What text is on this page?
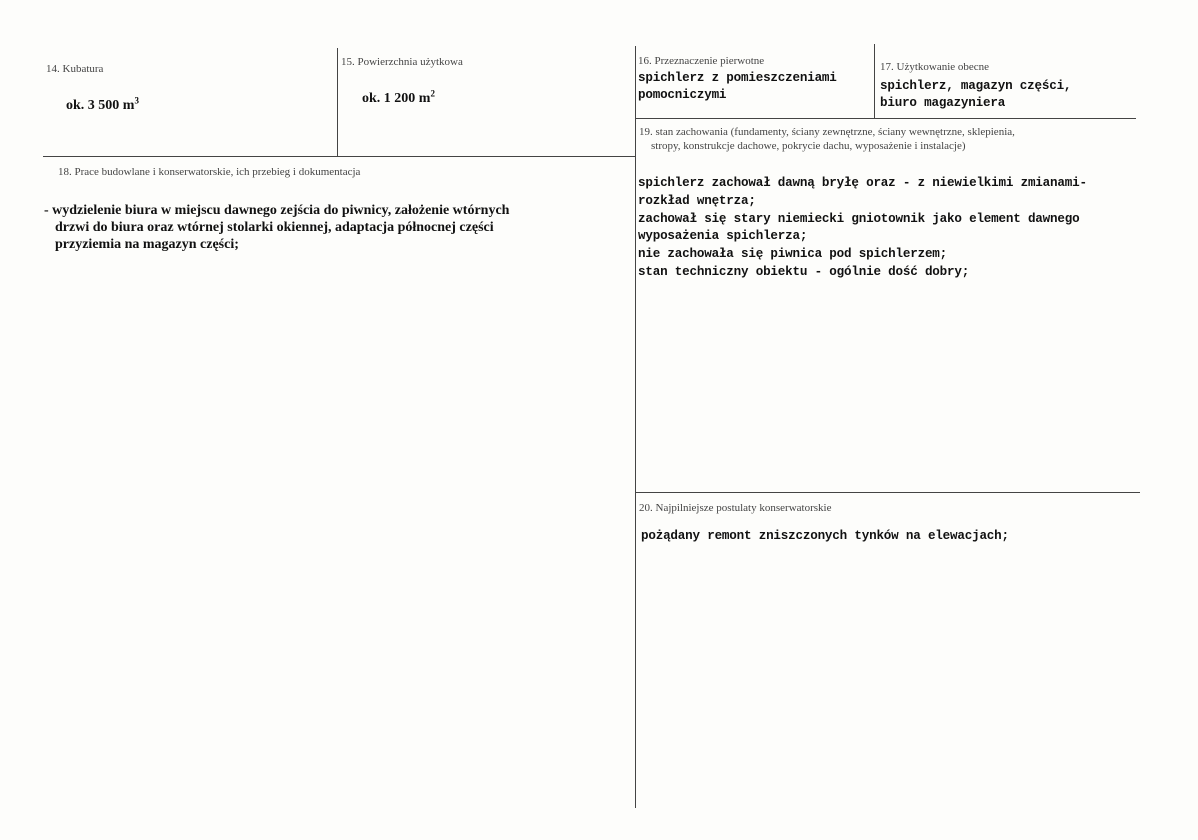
14. Kubatura
ok. 3 500 $m^3$
15. Powierzchnia użytkowa
ok. 1 200 $m^2$
16. Przeznaczenie pierwotne
spichlerz z pomieszczeniami
pomocniczymi
17. Użytkowanie obecne
spichlerz, magazyn części,
biuro magazyniera
18. Prace budowlane i konserwatorskie, ich przebieg i dokumentacja
- wydzielenie biura w miejscu dawnego zejścia do piwnicy, założenie wtórnych
drzwi do biura oraz wtórnej stolarki okiennej, adaptacja północnej części
przyziemia na magazyn części;
19. stan zachowania (fundamenty, ściany zewnętrzne, ściany wewnętrzne, sklepienia,
stropy, konstrukcje dachowe, pokrycie dachu, wyposażenie i instalacje)
spichlerz zachował dawną bryłę oraz - z niewielkimi zmianami-
rozkład wnętrza;
zachował się stary niemiecki gniotownik jako element dawnego
wyposażenia spichlerza;
nie zachowała się piwnica pod spichlerzem;
stan techniczny obiektu - ogólnie dość dobry;
20. Najpilniejsze postulaty konserwatorskie
pożądany remont zniszczonych tynków na elewacjach;
